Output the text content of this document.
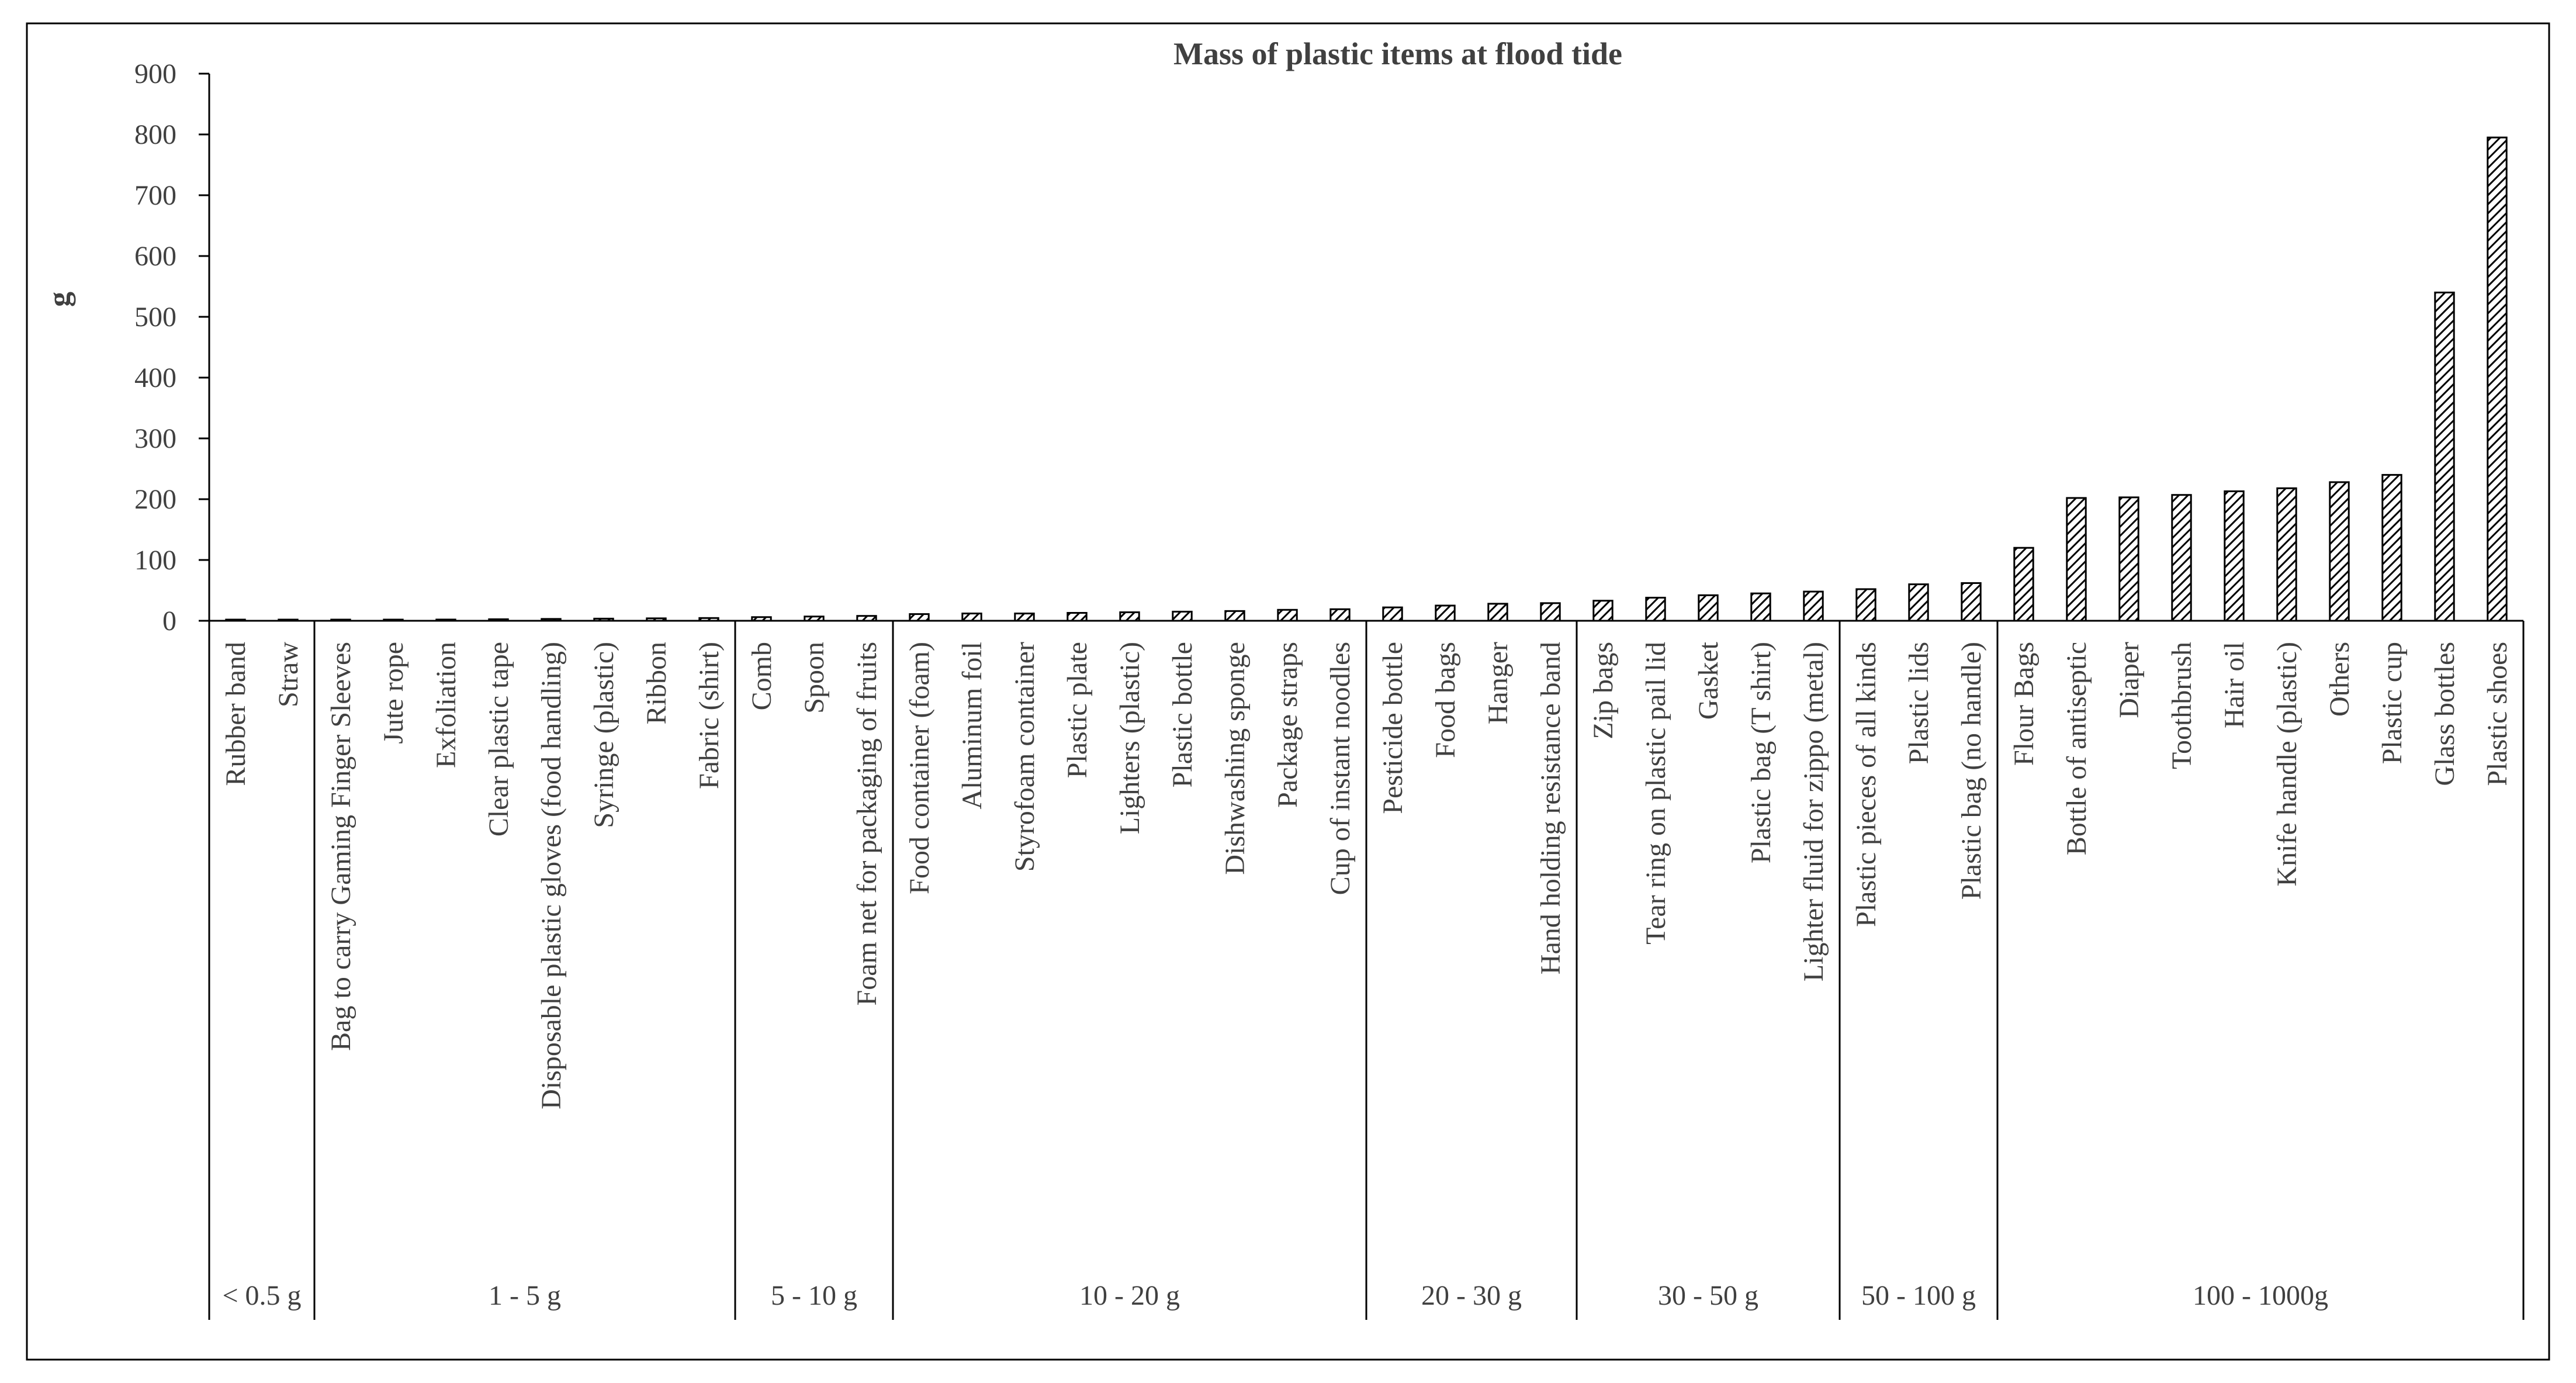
Mass of plastic items at flood tide
g
0
100
200
300
400
500
600
700
800
900
Rubber band Straw Bag to carry Gaming Finger Sleeves Jute rope Exfoliation Clear plastic tape Disposable plastic gloves (food handling) Syringe (plastic) Ribbon Fabric (shirt) Comb Spoon Foam net for packaging of fruits Food container (foam) Aluminum foil Styrofoam container Plastic plate Lighters (plastic) Plastic bottle Dishwashing sponge Package straps Cup of instant noodles Pesticide bottle Food bags Hanger Hand holding resistance band Zip bags Tear ring on plastic pail lid Gasket Plastic bag (T shirt) Lighter fluid for zippo (metal) Plastic pieces of all kinds Plastic lids Plastic bag (no handle) Flour Bags Bottle of antiseptic Diaper Toothbrush Hair oil Knife handle (plastic) Others Plastic cup Glass bottles Plastic shoes
< 0.5 g	1 - 5 g	5 - 10 g	10 - 20 g	20 - 30 g	30 - 50 g	50 - 100 g	100 - 1000g
